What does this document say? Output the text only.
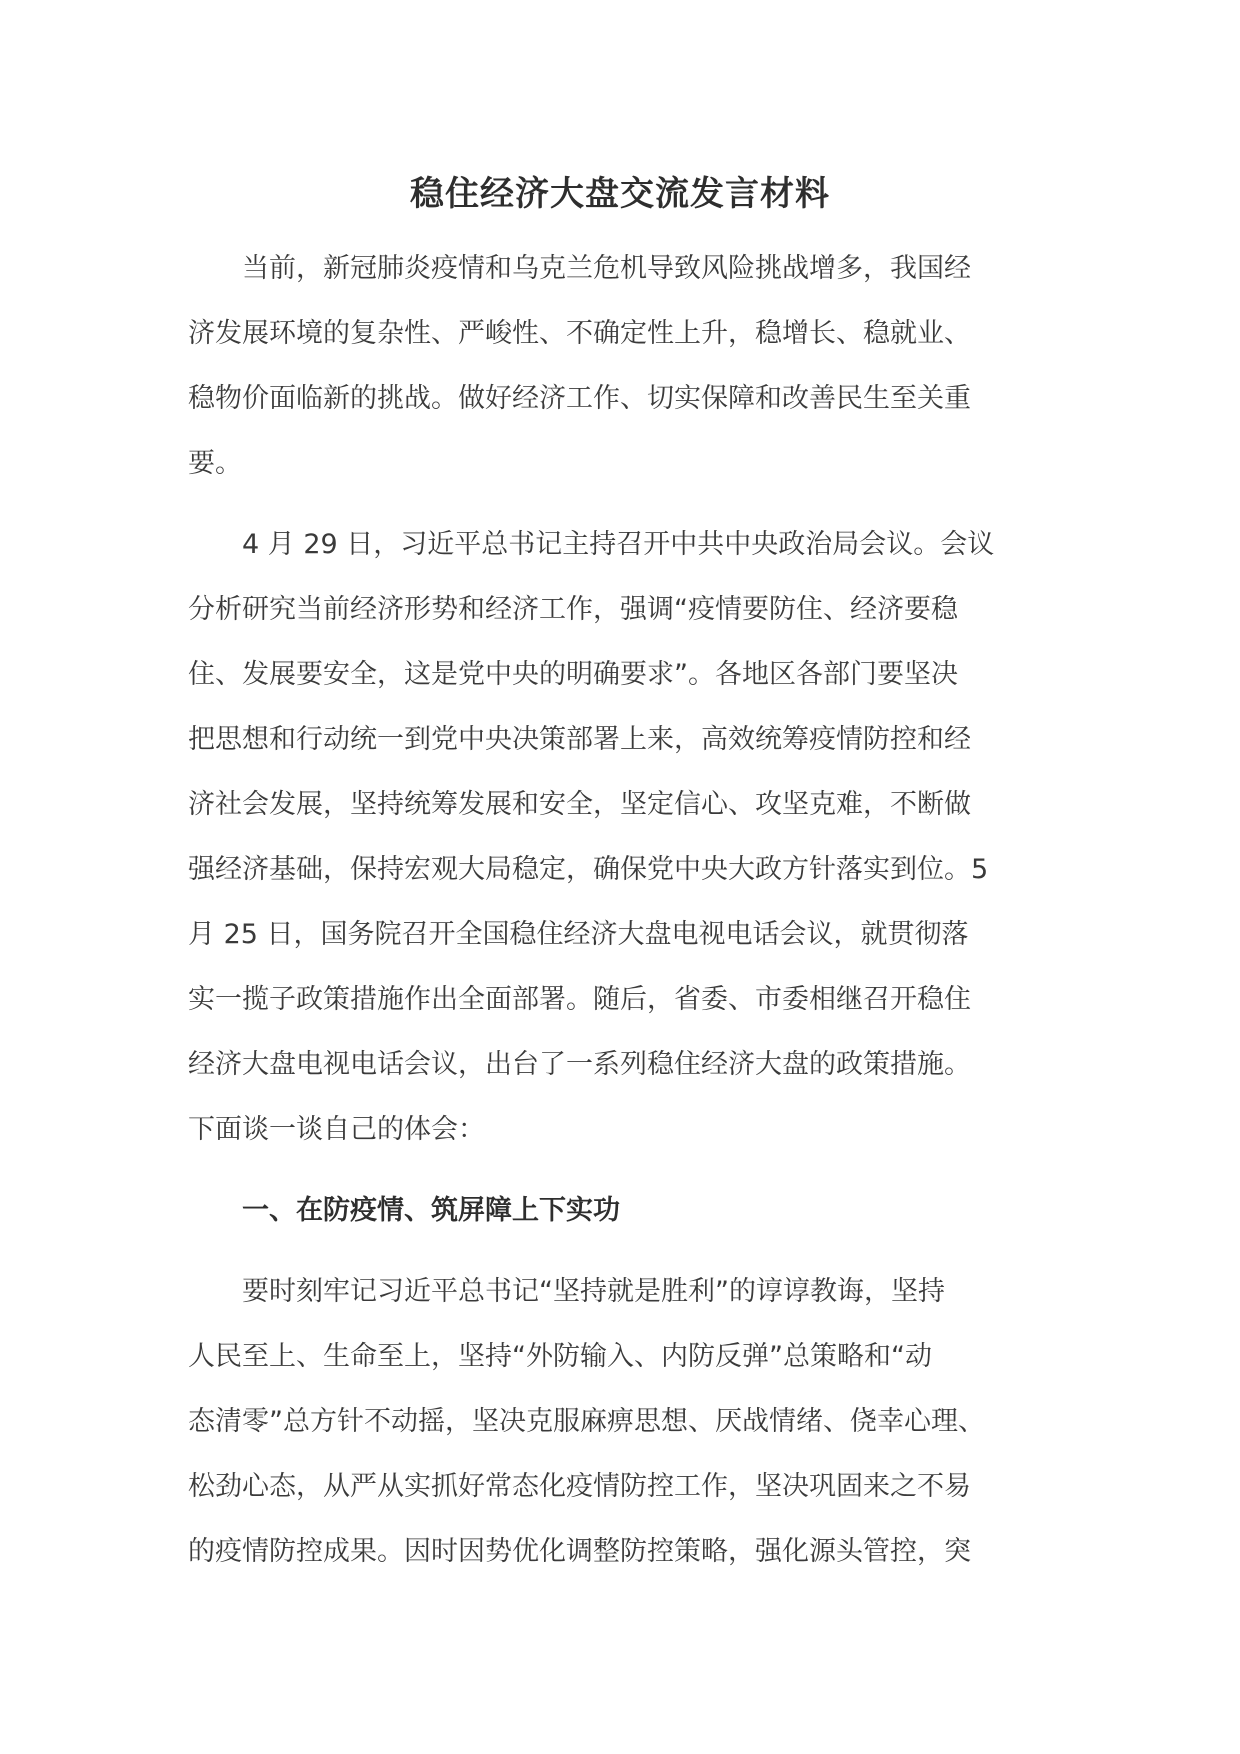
稳住经济大盘交流发言材料

当前，新冠肺炎疫情和乌克兰危机导致风险挑战增多，我国经
济发展环境的复杂性、严峻性、不确定性上升，稳增长、稳就业、
稳物价面临新的挑战。做好经济工作、切实保障和改善民生至关重
要。

4 月 29 日，习近平总书记主持召开中共中央政治局会议。会议
分析研究当前经济形势和经济工作，强调“疫情要防住、经济要稳
住、发展要安全，这是党中央的明确要求”。各地区各部门要坚决
把思想和行动统一到党中央决策部署上来，高效统筹疫情防控和经
济社会发展，坚持统筹发展和安全，坚定信心、攻坚克难，不断做
强经济基础，保持宏观大局稳定，确保党中央大政方针落实到位。5
月 25 日，国务院召开全国稳住经济大盘电视电话会议，就贯彻落
实一揽子政策措施作出全面部署。随后，省委、市委相继召开稳住
经济大盘电视电话会议，出台了一系列稳住经济大盘的政策措施。
下面谈一谈自己的体会：

一、在防疫情、筑屏障上下实功

要时刻牢记习近平总书记“坚持就是胜利”的谆谆教诲，坚持
人民至上、生命至上，坚持“外防输入、内防反弹”总策略和“动
态清零”总方针不动摇，坚决克服麻痹思想、厌战情绪、侥幸心理、
松劲心态，从严从实抓好常态化疫情防控工作，坚决巩固来之不易
的疫情防控成果。因时因势优化调整防控策略，强化源头管控，突
